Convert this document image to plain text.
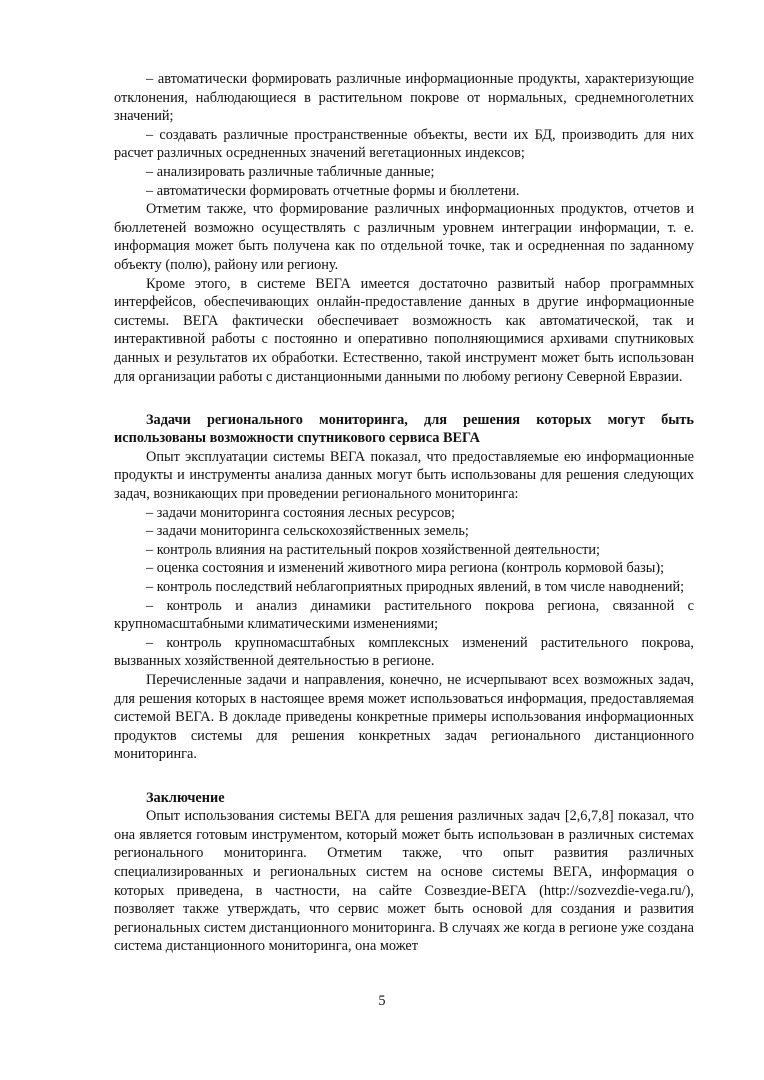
– автоматически формировать различные информационные продукты, характеризующие отклонения, наблюдающиеся в растительном покрове от нормальных, среднемноголетних значений;

– создавать различные пространственные объекты, вести их БД, производить для них расчет различных осредненных значений вегетационных индексов;

– анализировать различные табличные данные;

– автоматически формировать отчетные формы и бюллетени.

Отметим также, что формирование различных информационных продуктов, отчетов и бюллетеней возможно осуществлять с различным уровнем интеграции информации, т. е. информация может быть получена как по отдельной точке, так и осредненная по заданному объекту (полю), району или региону.

Кроме этого, в системе ВЕГА имеется достаточно развитый набор программных интерфейсов, обеспечивающих онлайн-предоставление данных в другие информационные системы. ВЕГА фактически обеспечивает возможность как автоматической, так и интерактивной работы с постоянно и оперативно пополняющимися архивами спутниковых данных и результатов их обработки. Естественно, такой инструмент может быть использован для организации работы с дистанционными данными по любому региону Северной Евразии.

Задачи регионального мониторинга, для решения которых могут быть использованы возможности спутникового сервиса ВЕГА

Опыт эксплуатации системы ВЕГА показал, что предоставляемые ею информационные продукты и инструменты анализа данных могут быть использованы для решения следующих задач, возникающих при проведении регионального мониторинга:

– задачи мониторинга состояния лесных ресурсов;

– задачи мониторинга сельскохозяйственных земель;

– контроль влияния на растительный покров хозяйственной деятельности;

– оценка состояния и изменений животного мира региона (контроль кормовой базы);

– контроль последствий неблагоприятных природных явлений, в том числе наводнений;

– контроль и анализ динамики растительного покрова региона, связанной с крупномасштабными климатическими изменениями;

– контроль крупномасштабных комплексных изменений растительного покрова, вызванных хозяйственной деятельностью в регионе.

Перечисленные задачи и направления, конечно, не исчерпывают всех возможных задач, для решения которых в настоящее время может использоваться информация, предоставляемая системой ВЕГА. В докладе приведены конкретные примеры использования информационных продуктов системы для решения конкретных задач регионального дистанционного мониторинга.

Заключение

Опыт использования системы ВЕГА для решения различных задач [2,6,7,8] показал, что она является готовым инструментом, который может быть использован в различных системах регионального мониторинга. Отметим также, что опыт развития различных специализированных и региональных систем на основе системы ВЕГА, информация о которых приведена, в частности, на сайте Созвездие-ВЕГА (http://sozvezdie-vega.ru/), позволяет также утверждать, что сервис может быть основой для создания и развития региональных систем дистанционного мониторинга. В случаях же когда в регионе уже создана система дистанционного мониторинга, она может

5
